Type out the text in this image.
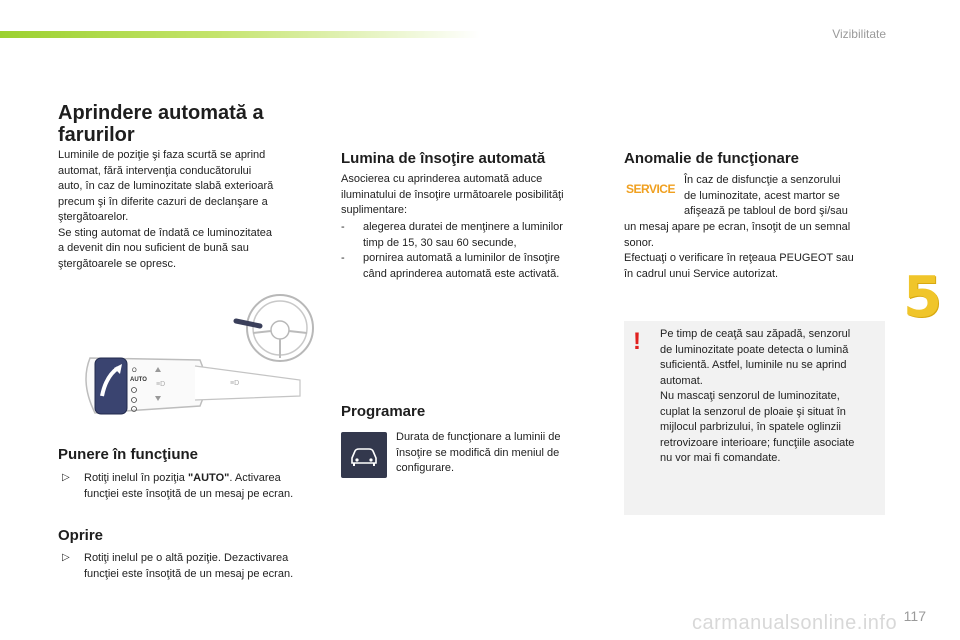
Vizibilitate
5
117
carmanualsonline.info
Aprindere automată a farurilor

Luminile de poziţie şi faza scurtă se aprind
automat, fără intervenţia conducătorului
auto, în caz de luminozitate slabă exterioară
precum şi în diferite cazuri de declanşare a
ştergătoarelor.
Se sting automat de îndată ce luminozitatea
a devenit din nou suficient de bună sau
ştergătoarele se opresc.

O
AUTO
≡D	≡D
Punere în funcţiune
▷ Rotiţi inelul în poziţia "AUTO". Activarea
funcţiei este însoţită de un mesaj pe ecran.
Oprire
▷ Rotiţi inelul pe o altă poziţie. Dezactivarea
funcţiei este însoţită de un mesaj pe ecran.
Lumina de însoţire automată

Asocierea cu aprinderea automată aduce
iluminatului de însoţire următoarele posibilităţi
suplimentare:

- alegerea duratei de menţinere a luminilor
timp de 15, 30 sau 60 secunde,
- pornirea automată a luminilor de însoţire
când aprinderea automată este activată.
Programare

Durata de funcţionare a luminii de
însoţire se modifică din meniul de
configurare.

Anomalie de funcţionare
SERVICE

În caz de disfuncţie a senzorului
de luminozitate, acest martor se
afişează pe tabloul de bord şi/sau

un mesaj apare pe ecran, însoţit de un semnal
sonor.
Efectuaţi o verificare în reţeaua PEUGEOT sau
în cadrul unui Service autorizat.

! Pe timp de ceaţă sau zăpadă, senzorul
de luminozitate poate detecta o lumină
suficientă. Astfel, luminile nu se aprind
automat.
Nu mascaţi senzorul de luminozitate,
cuplat la senzorul de ploaie şi situat în
mijlocul parbrizului, în spatele oglinzii
retrovizoare interioare; funcţiile asociate
nu vor mai fi comandate.
